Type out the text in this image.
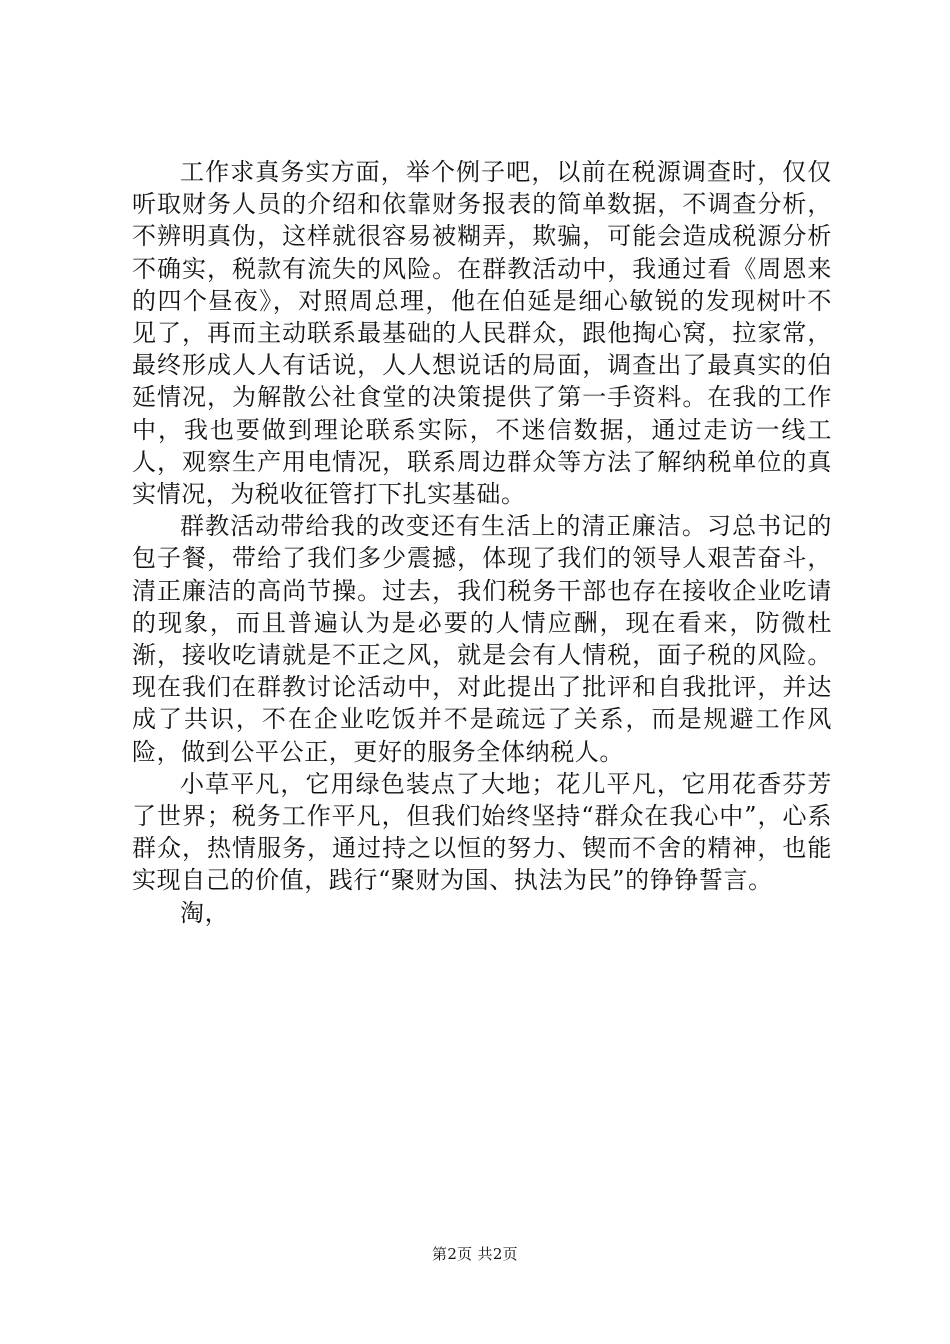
工作求真务实方面，举个例子吧，以前在税源调查时，仅仅听取财务人员的介绍和依靠财务报表的简单数据，不调查分析，不辨明真伪，这样就很容易被糊弄，欺骗，可能会造成税源分析不确实，税款有流失的风险。在群教活动中，我通过看《周恩来的四个昼夜》，对照周总理，他在伯延是细心敏锐的发现树叶不见了，再而主动联系最基础的人民群众，跟他掏心窝，拉家常，最终形成人人有话说，人人想说话的局面，调查出了最真实的伯延情况，为解散公社食堂的决策提供了第一手资料。在我的工作中，我也要做到理论联系实际，不迷信数据，通过走访一线工人，观察生产用电情况，联系周边群众等方法了解纳税单位的真实情况，为税收征管打下扎实基础。

群教活动带给我的改变还有生活上的清正廉洁。习总书记的包子餐，带给了我们多少震撼，体现了我们的领导人艰苦奋斗，清正廉洁的高尚节操。过去，我们税务干部也存在接收企业吃请的现象，而且普遍认为是必要的人情应酬，现在看来，防微杜渐，接收吃请就是不正之风，就是会有人情税，面子税的风险。现在我们在群教讨论活动中，对此提出了批评和自我批评，并达成了共识，不在企业吃饭并不是疏远了关系，而是规避工作风险，做到公平公正，更好的服务全体纳税人。

小草平凡，它用绿色装点了大地；花儿平凡，它用花香芬芳了世界；税务工作平凡，但我们始终坚持“群众在我心中”，心系群众，热情服务，通过持之以恒的努力、锲而不舍的精神，也能实现自己的价值，践行“聚财为国、执法为民”的铮铮誓言。

淘，

第2页 共2页
